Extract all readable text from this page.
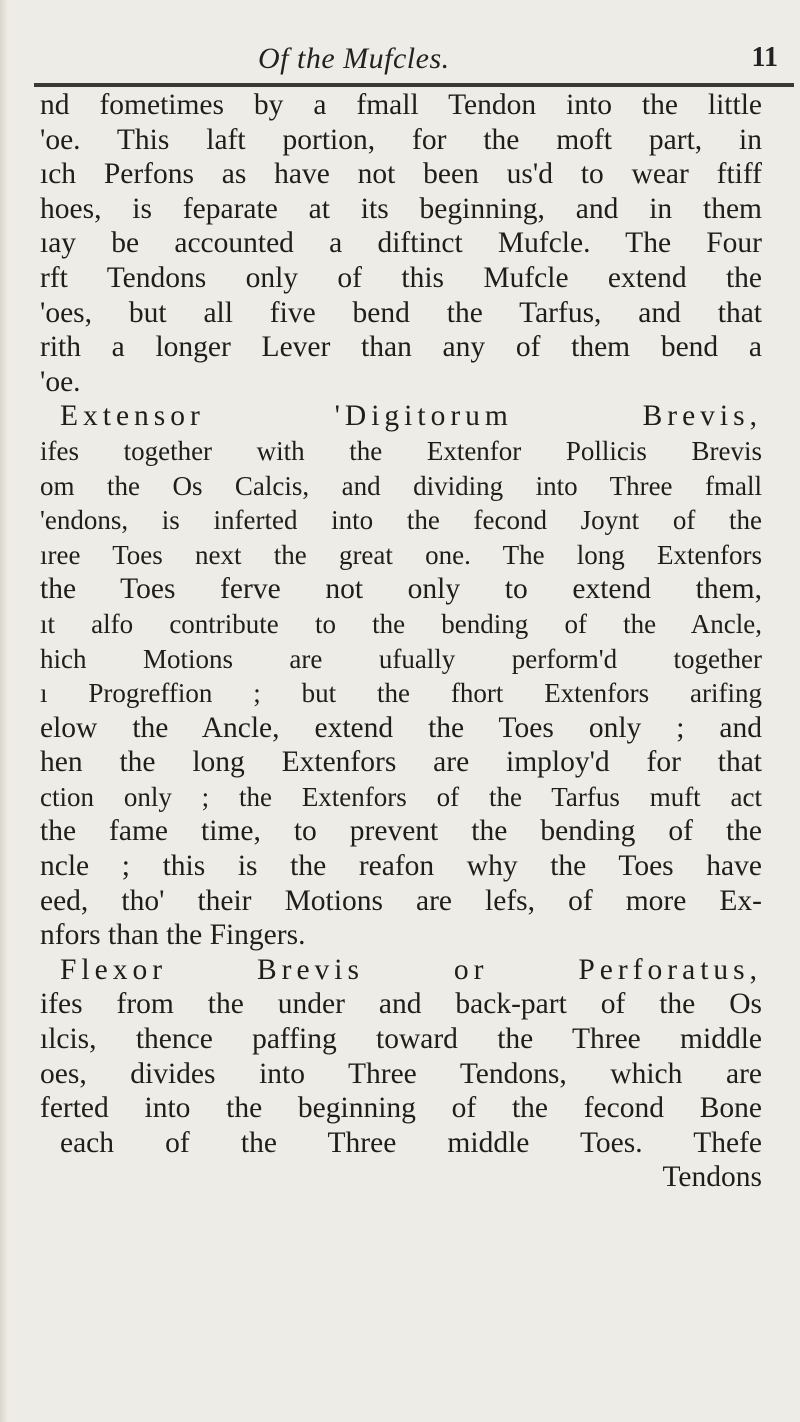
Of the Mufcles.	11
nd fometimes by a fmall Tendon into the little
'oe. This laft portion, for the moft part, in
ıch Perfons as have not been us'd to wear ftiff
hoes, is feparate at its beginning, and in them
ıay be accounted a diftinct Mufcle. The Four
rft Tendons only of this Mufcle extend the
'oes, but all five bend the Tarfus, and that
rith a longer Lever than any of them bend a
'oe.
Extensor 'Digitorum Brevis,
ifes together with the Extenfor Pollicis Brevis
om the Os Calcis, and dividing into Three fmall
'endons, is inferted into the fecond Joynt of the
ıree Toes next the great one. The long Extenfors
the Toes ferve not only to extend them,
ıt alfo contribute to the bending of the Ancle,
hich Motions are ufually perform'd together
ı Progreffion ; but the fhort Extenfors arifing
elow the Ancle, extend the Toes only ; and
hen the long Extenfors are imploy'd for that
ction only ; the Extenfors of the Tarfus muft act
the fame time, to prevent the bending of the
ncle ; this is the reafon why the Toes have
eed, tho' their Motions are lefs, of more Ex-
nfors than the Fingers.
Flexor Brevis or Perforatus,
ifes from the under and back-part of the Os
ılcis, thence paffing toward the Three middle
oes, divides into Three Tendons, which are
ferted into the beginning of the fecond Bone
each of the Three middle Toes. Thefe
Tendons
